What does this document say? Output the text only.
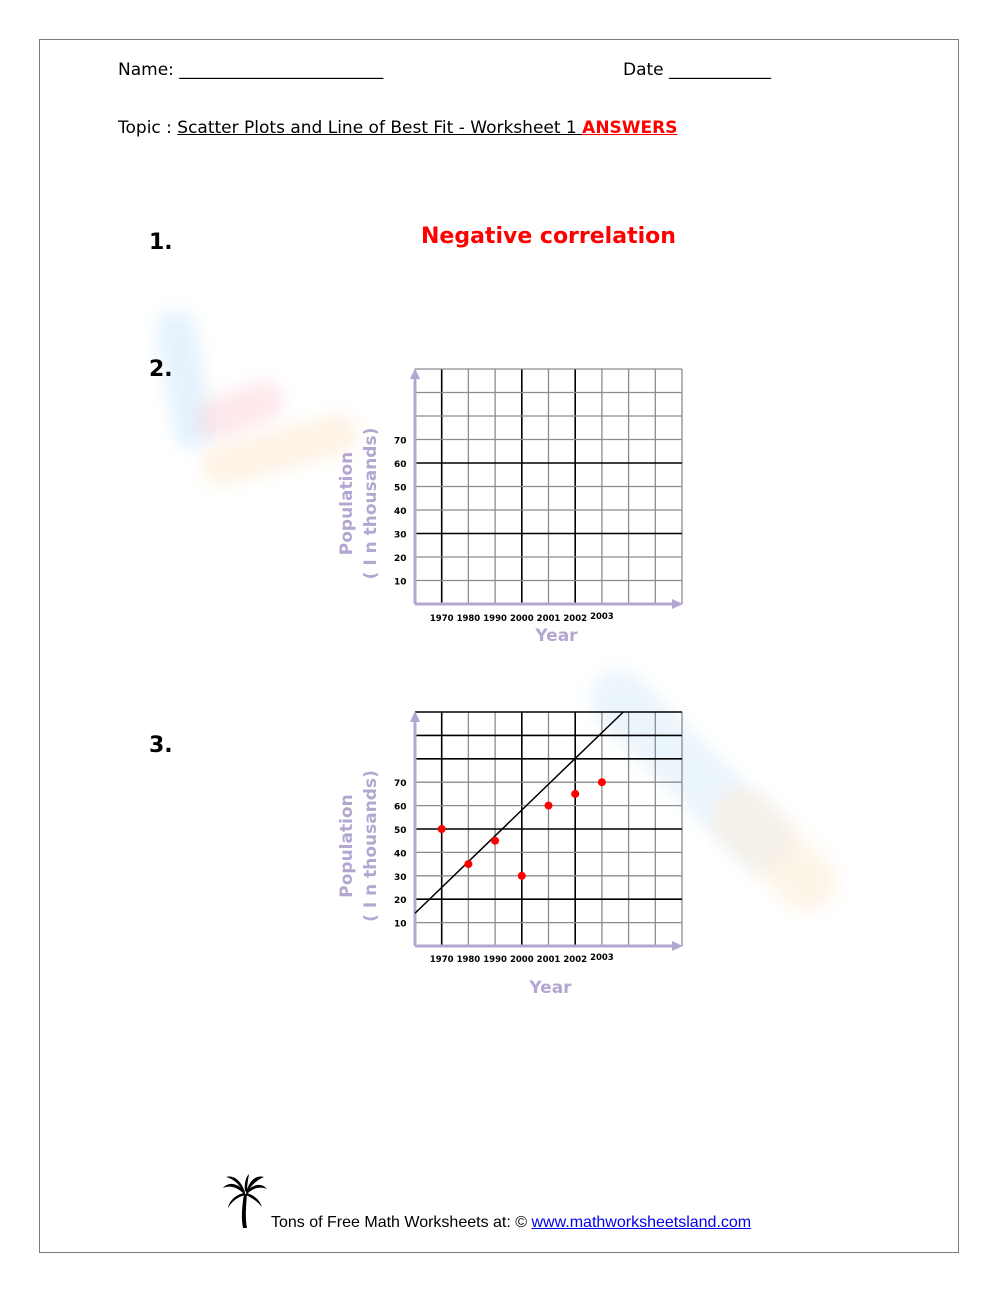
Name: ________________________	Date ____________
Topic : Scatter Plots and Line of Best Fit - Worksheet 1 ANSWERS
1.	Negative correlation
2.
3.
10
20
30
40
50
60
70
1970 1980 1990 2000 2001 2002 2003
Year
Population ( I n thousands)
10
20
30
40
50
60
70
1970 1980 1990 2000 2001 2002 2003
Year
Population ( I n thousands)
Tons of Free Math Worksheets at: © www.mathworksheetsland.com
